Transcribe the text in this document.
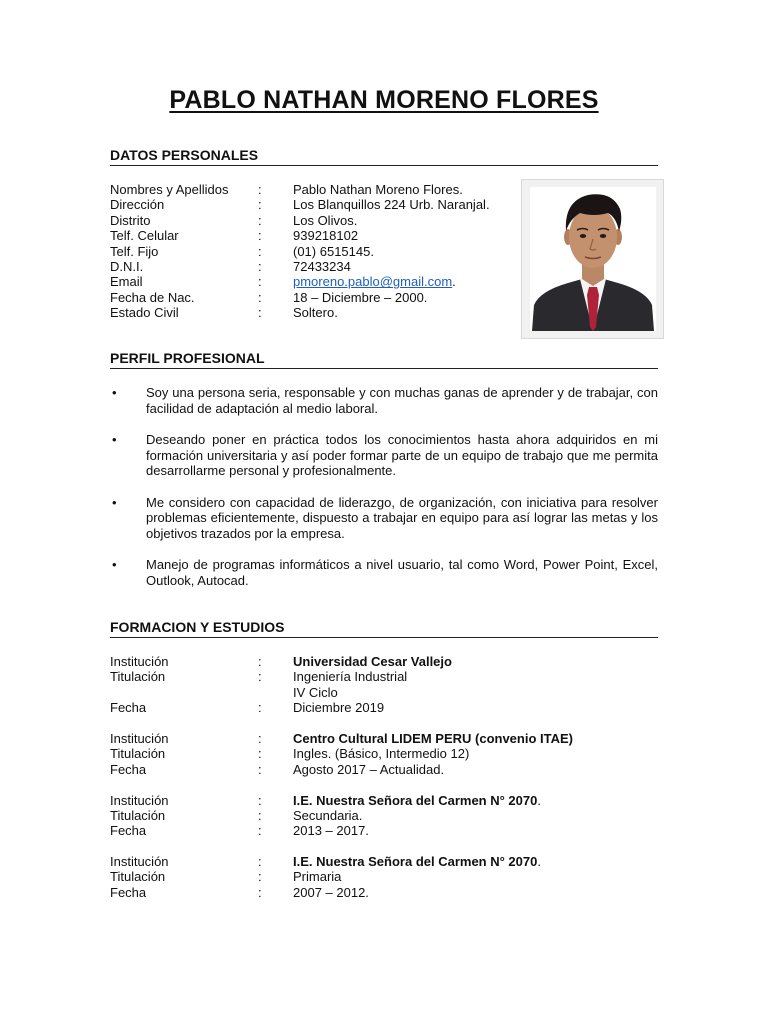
PABLO NATHAN MORENO FLORES
DATOS PERSONALES
Nombres y Apellidos : Pablo Nathan Moreno Flores.
Dirección	: Los Blanquillos 224 Urb. Naranjal.
Distrito	: Los Olivos.
Telf. Celular	: 939218102
Telf. Fijo	: (01) 6515145.
D.N.I.	: 72433234
Email	: pmoreno.pablo@gmail.com.
Fecha de Nac.	: 18 – Diciembre – 2000.
Estado Civil	: Soltero.
PERFIL PROFESIONAL
• Soy una persona seria, responsable y con muchas ganas de aprender y de trabajar, con facilidad de adaptación al medio laboral.
• Deseando poner en práctica todos los conocimientos hasta ahora adquiridos en mi formación universitaria y así poder formar parte de un equipo de trabajo que me permita desarrollarme personal y profesionalmente.
• Me considero con capacidad de liderazgo, de organización, con iniciativa para resolver problemas eficientemente, dispuesto a trabajar en equipo para así lograr las metas y los objetivos trazados por la empresa.
• Manejo de programas informáticos a nivel usuario, tal como Word, Power Point, Excel, Outlook, Autocad.
FORMACION Y ESTUDIOS
Institución	: Universidad Cesar Vallejo
Titulación	: Ingeniería Industrial
IV Ciclo
Fecha	: Diciembre 2019
Institución	: Centro Cultural LIDEM PERU (convenio ITAE)
Titulación	: Ingles. (Básico, Intermedio 12)
Fecha	: Agosto 2017 – Actualidad.
Institución	: I.E. Nuestra Señora del Carmen N° 2070.
Titulación	: Secundaria.
Fecha	: 2013 – 2017.
Institución	: I.E. Nuestra Señora del Carmen N° 2070.
Titulación	: Primaria
Fecha	: 2007 – 2012.
